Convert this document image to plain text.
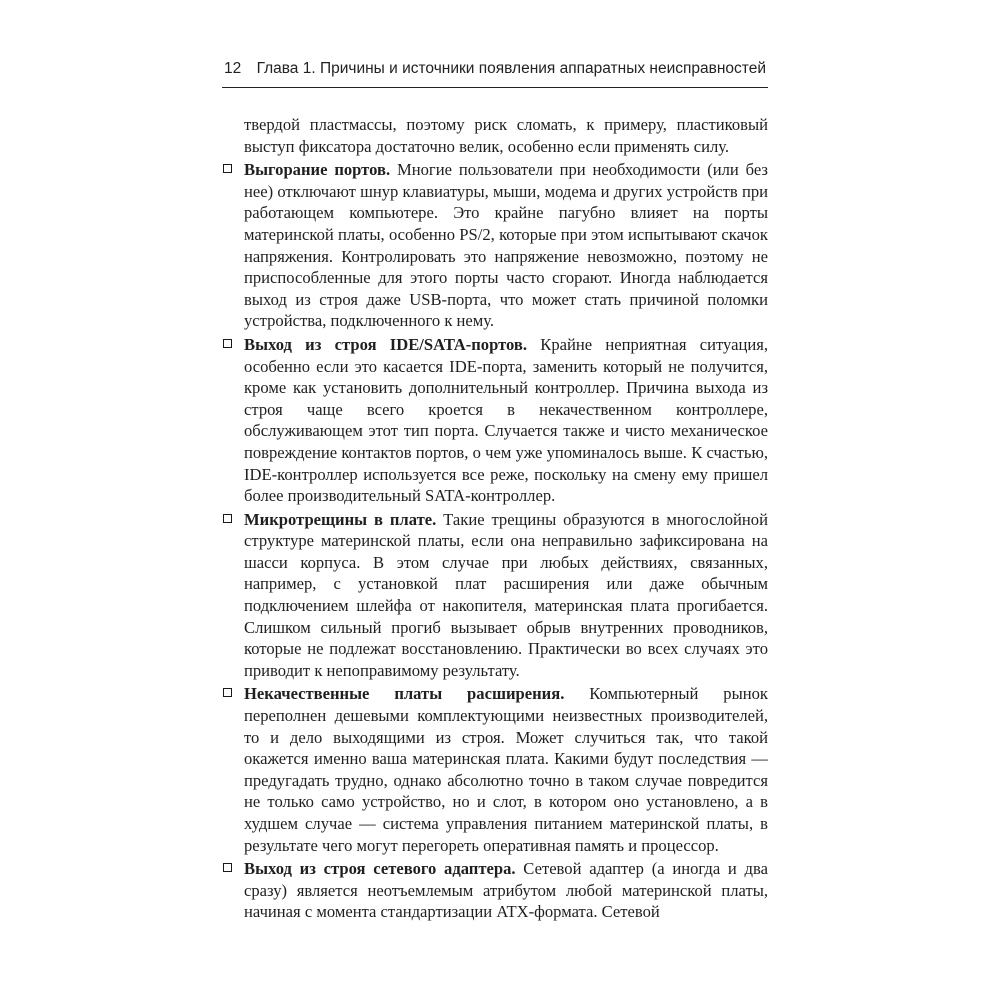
12 Глава 1. Причины и источники появления аппаратных неисправностей

твердой пластмассы, поэтому риск сломать, к примеру, пластиковый выступ фиксатора достаточно велик, особенно если применять силу.

Выгорание портов. Многие пользователи при необходимости (или без нее) отключают шнур клавиатуры, мыши, модема и других устройств при работающем компьютере. Это крайне пагубно влияет на порты материнской платы, особенно PS/2, которые при этом испытывают скачок напряжения. Контролировать это напряжение невозможно, поэтому не приспособленные для этого порты часто сгорают. Иногда наблюдается выход из строя даже USB-порта, что может стать причиной поломки устройства, подключенного к нему.
Выход из строя IDE/SATA-портов. Крайне неприятная ситуация, особенно если это касается IDE-порта, заменить который не получится, кроме как установить дополнительный контроллер. Причина выхода из строя чаще всего кроется в некачественном контроллере, обслуживающем этот тип порта. Случается также и чисто механическое повреждение контактов портов, о чем уже упоминалось выше. К счастью, IDE-контроллер используется все реже, поскольку на смену ему пришел более производительный SATA-контроллер.
Микротрещины в плате. Такие трещины образуются в многослойной структуре материнской платы, если она неправильно зафиксирована на шасси корпуса. В этом случае при любых действиях, связанных, например, с установкой плат расширения или даже обычным подключением шлейфа от накопителя, материнская плата прогибается. Слишком сильный прогиб вызывает обрыв внутренних проводников, которые не подлежат восстановлению. Практически во всех случаях это приводит к непоправимому результату.
Некачественные платы расширения. Компьютерный рынок переполнен дешевыми комплектующими неизвестных производителей, то и дело выходящими из строя. Может случиться так, что такой окажется именно ваша материнская плата. Какими будут последствия — предугадать трудно, однако абсолютно точно в таком случае повредится не только само устройство, но и слот, в котором оно установлено, а в худшем случае — система управления питанием материнской платы, в результате чего могут перегореть оперативная память и процессор.
Выход из строя сетевого адаптера. Сетевой адаптер (а иногда и два сразу) является неотъемлемым атрибутом любой материнской платы, начиная с момента стандартизации ATX-формата. Сетевой
